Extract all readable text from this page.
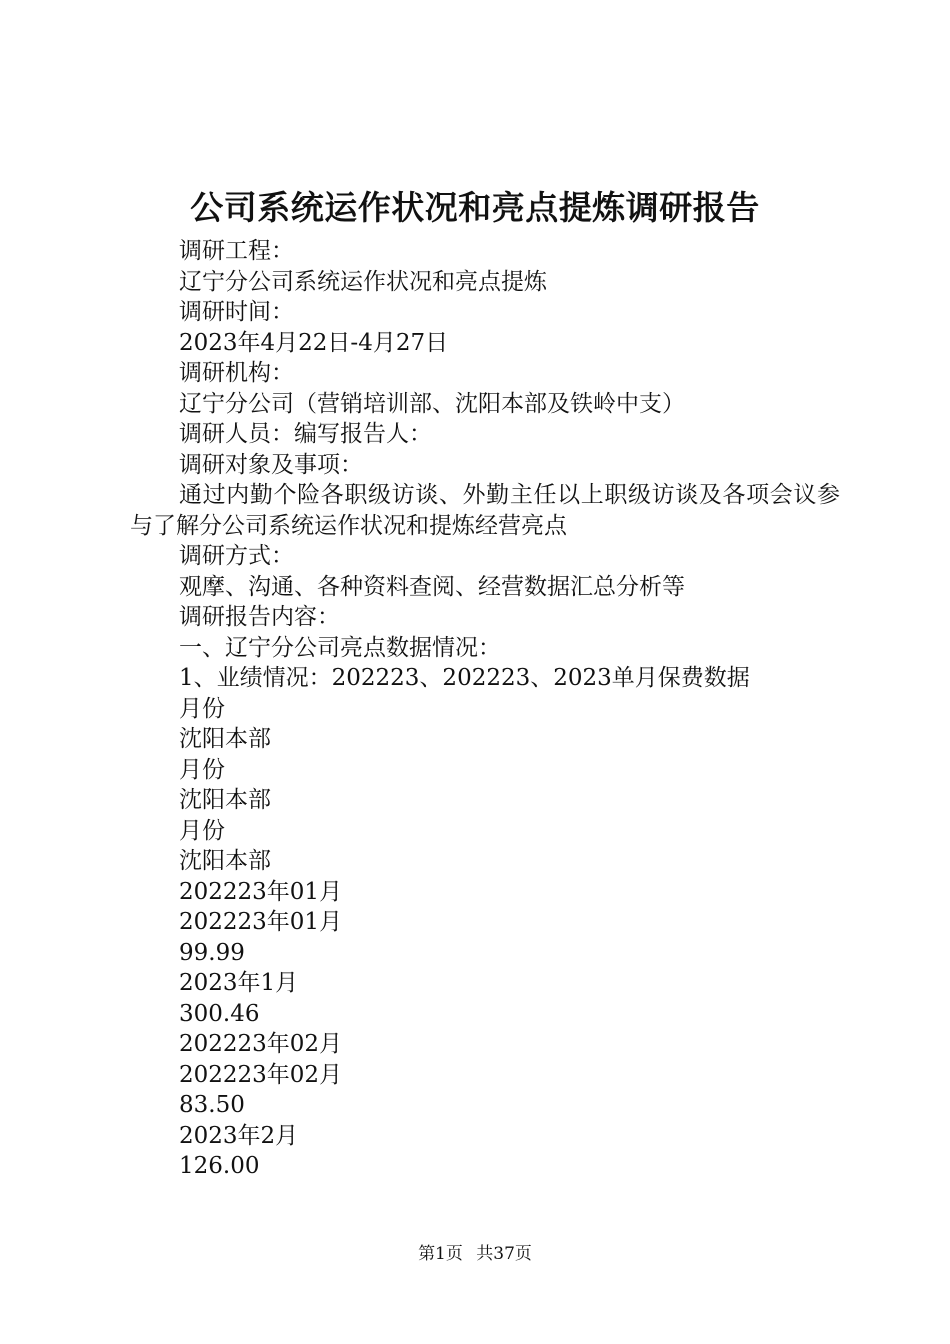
公司系统运作状况和亮点提炼调研报告
调研工程：
辽宁分公司系统运作状况和亮点提炼
调研时间：
2023年4月22日-4月27日
调研机构：
辽宁分公司（营销培训部、沈阳本部及铁岭中支）
调研人员：编写报告人：
调研对象及事项：
通过内勤个险各职级访谈、外勤主任以上职级访谈及各项会议参与了解分公司系统运作状况和提炼经营亮点
调研方式：
观摩、沟通、各种资料查阅、经营数据汇总分析等
调研报告内容：
一、辽宁分公司亮点数据情况：
1、业绩情况：202223、202223、2023单月保费数据
月份
沈阳本部
月份
沈阳本部
月份
沈阳本部
202223年01月
202223年01月
99.99
2023年1月
300.46
202223年02月
202223年02月
83.50
2023年2月
126.00
第1页 共37页
